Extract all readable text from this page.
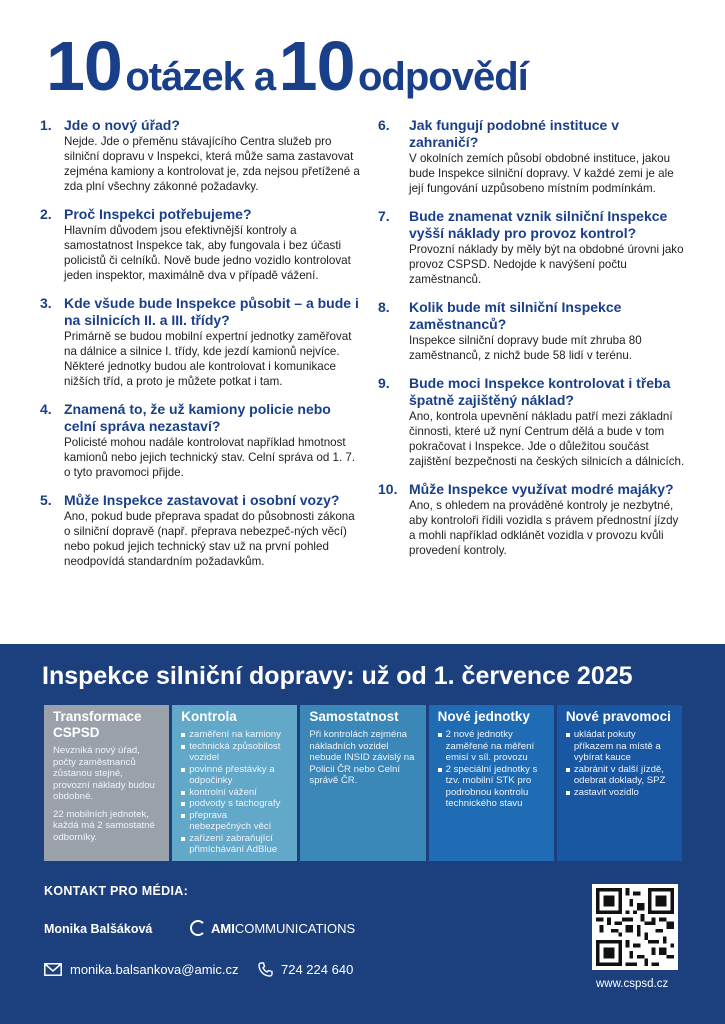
10 otázek a 10 odpovědí
1. Jde o nový úřad?
Nejde. Jde o přeměnu stávajícího Centra služeb pro silniční dopravu v Inspekci, která může sama zastavovat zejména kamiony a kontrolovat je, zda nejsou přetížené a zda plní všechny zákonné požadavky.
2. Proč Inspekci potřebujeme?
Hlavním důvodem jsou efektivnější kontroly a samostatnost Inspekce tak, aby fungovala i bez účasti policistů či celníků. Nově bude jedno vozidlo kontrolovat jeden inspektor, maximálně dva v případě vážení.
3. Kde všude bude Inspekce působit – a bude i na silnicích II. a III. třídy?
Primárně se budou mobilní expertní jednotky zaměřovat na dálnice a silnice I. třídy, kde jezdí kamionů nejvíce. Některé jednotky budou ale kontrolovat i komunikace nižších tříd, a proto je můžete potkat i tam.
4. Znamená to, že už kamiony policie nebo celní správa nezastaví?
Policisté mohou nadále kontrolovat například hmotnost kamionů nebo jejich technický stav. Celní správa od 1. 7. o tyto pravomoci přijde.
5. Může Inspekce zastavovat i osobní vozy?
Ano, pokud bude přeprava spadat do působnosti zákona o silniční dopravě (např. přeprava nebezpeč-ných věcí) nebo pokud jejich technický stav už na první pohled neodpovídá standardním požadavkům.
6.	Jak fungují podobné instituce v zahraničí?
V okolních zemích působí obdobné instituce, jakou bude Inspekce silniční dopravy. V každé zemi je ale její fungování uzpůsobeno místním podmínkám.
7.	Bude znamenat vznik silniční Inspekce vyšší náklady pro provoz kontrol?
Provozní náklady by měly být na obdobné úrovni jako provoz CSPSD. Nedojde k navýšení počtu zaměstnanců.
8.	Kolik bude mít silniční Inspekce zaměstnanců?
Inspekce silniční dopravy bude mít zhruba 80 zaměstnanců, z nichž bude 58 lidí v terénu.
9.	Bude moci Inspekce kontrolovat i třeba špatně zajištěný náklad?
Ano, kontrola upevnění nákladu patří mezi základní činnosti, které už nyní Centrum dělá a bude v tom pokračovat i Inspekce. Jde o důležitou součást zajištění bezpečnosti na českých silnicích a dálnicích.
10. Může Inspekce využívat modré majáky?
Ano, s ohledem na prováděné kontroly je nezbytné, aby kontroloři řídili vozidla s právem přednostní jízdy a mohli například odklánět vozidla v provozu kvůli provedení kontroly.
Inspekce silniční dopravy: už od 1. července 2025
Transformace CSPSD

Nevzniká nový úřad, počty zaměstnanců zůstanou stejné, provozní náklady budou obdobné.

22 mobilních jednotek, každá má 2 samostatné odborníky.

Kontrola
zaměření na kamiony
technická způsobilost vozidel
povinné přestávky a odpočinky
kontrolní vážení
podvody s tachografy
přeprava nebezpečných věcí
zařízení zabraňující přimíchávání AdBlue
Samostatnost

Při kontrolách zejména nákladních vozidel nebude INSID závislý na Policii ČR nebo Celní správě ČR.

Nové jednotky
2 nové jednotky zaměřené na měření emisí v síl. provozu
2 speciální jednotky s tzv. mobilní STK pro podrobnou kontrolu technického stavu
Nové pravomoci
ukládat pokuty příkazem na místě a vybírat kauce
zabránit v další jízdě, odebrat doklady, SPZ
zastavit vozidlo
KONTAKT PRO MÉDIA:
Monika Balšáková	AMI COMMUNICATIONS
monika.balsankova@amic.cz	724 224 640
www.cspsd.cz
